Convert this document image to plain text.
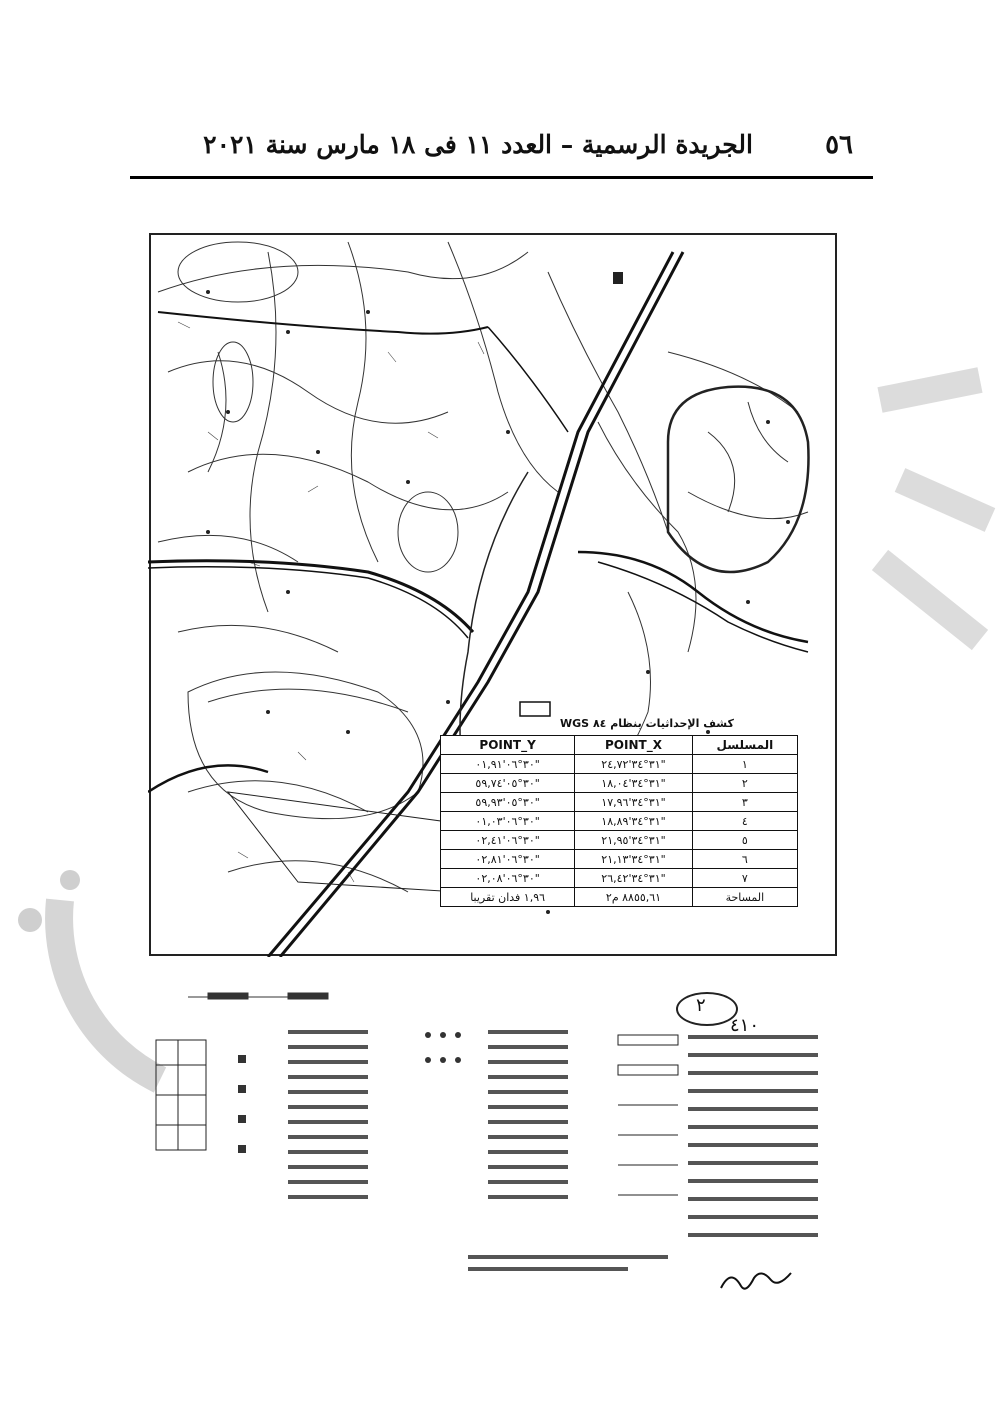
٥٦
الجريدة الرسمية – العدد ١١ فى ١٨ مارس سنة ٢٠٢١
كشف الإحداثيات بنظام ٨٤ WGS
POINT_Y	POINT_X	المسلسل
٣٠°٠٦'٠١,٩١"	٣١°٣٤'٢٤,٧٢"	١
٣٠°٠٥'٥٩,٧٤"	٣١°٣٤'١٨,٠٤"	٢
٣٠°٠٥'٥٩,٩٣"	٣١°٣٤'١٧,٩٦"	٣
٣٠°٠٦'٠١,٠٣"	٣١°٣٤'١٨,٨٩"	٤
٣٠°٠٦'٠٢,٤١"	٣١°٣٤'٢١,٩٥"	٥
٣٠°٠٦'٠٢,٨١"	٣١°٣٤'٢١,١٣"	٦
٣٠°٠٦'٠٢,٠٨"	٣١°٣٤'٢٦,٤٢"	٧
١,٩٦ فدان تقريبا	٨٨٥٥,٦١ م٢	المساحة
٢
٤١٠
